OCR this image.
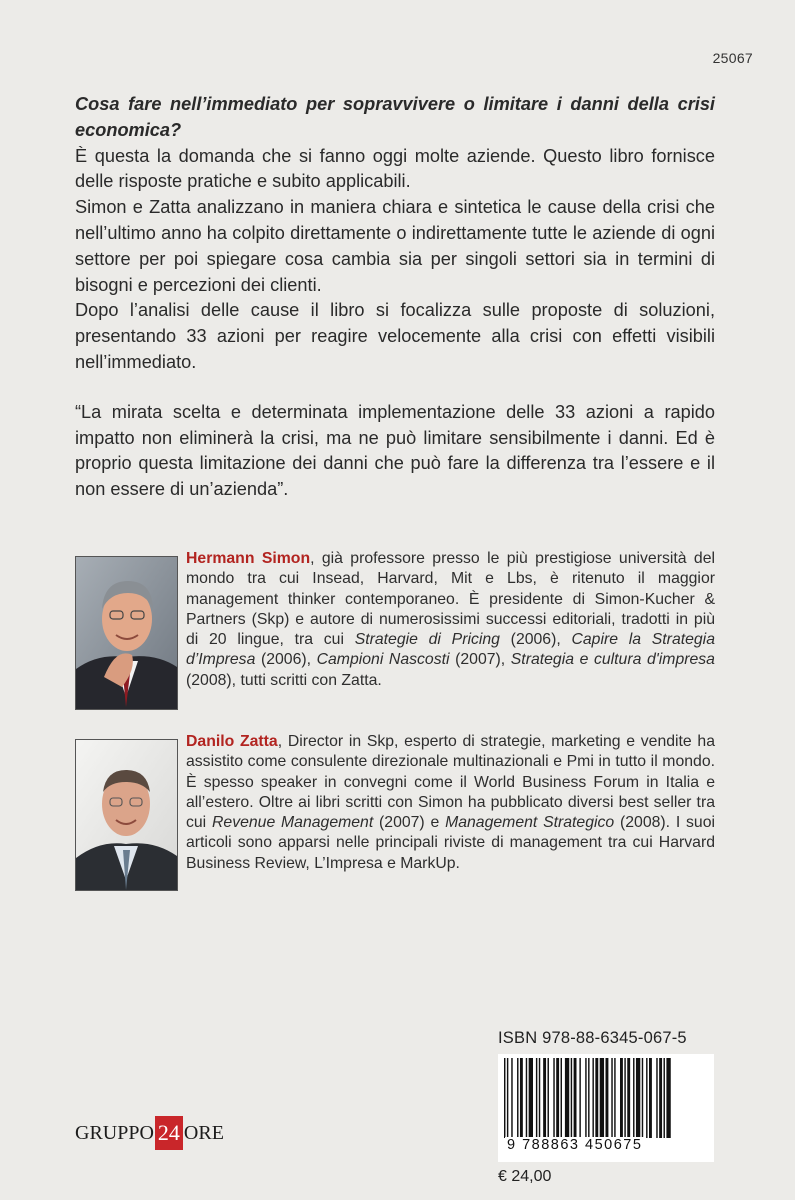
25067

Cosa fare nell’immediato per sopravvivere o limitare i danni della crisi economica?

È questa la domanda che si fanno oggi molte aziende. Questo libro fornisce delle risposte pratiche e subito applicabili.

Simon e Zatta analizzano in maniera chiara e sintetica le cause della crisi che nell’ultimo anno ha colpito direttamente o indirettamente tutte le aziende di ogni settore per poi spiegare cosa cambia sia per singoli settori sia in termini di bisogni e percezioni dei clienti.

Dopo l’analisi delle cause il libro si focalizza sulle proposte di soluzioni, presentando 33 azioni per reagire velocemente alla crisi con effetti visibili nell’immediato.

“La mirata scelta e determinata implementazione delle 33 azioni a rapido impatto non eliminerà la crisi, ma ne può limitare sensibilmente i danni. Ed è proprio questa limitazione dei danni che può fare la differenza tra l’essere e il non essere di un’azienda”.

Hermann Simon, già professore presso le più prestigiose università del mondo tra cui Insead, Harvard, Mit e Lbs, è ritenuto il maggior management thinker contemporaneo. È presidente di Simon-Kucher & Partners (Skp) e autore di numerosissimi successi editoriali, tradotti in più di 20 lingue, tra cui Strategie di Pricing (2006), Capire la Strategia d’Impresa (2006), Campioni Nascosti (2007), Strategia e cultura d'impresa (2008), tutti scritti con Zatta.
Danilo Zatta, Director in Skp, esperto di strategie, marketing e vendite ha assistito come consulente direzionale multinazionali e Pmi in tutto il mondo. È spesso speaker in convegni come il World Business Forum in Italia e all’estero. Oltre ai libri scritti con Simon ha pubblicato diversi best seller tra cui Revenue Management (2007) e Management Strategico (2008). I suoi articoli sono apparsi nelle principali riviste di management tra cui Harvard Business Review, L’Impresa e MarkUp.
GRUPPO 24 ORE
ISBN 978-88-6345-067-5
9 788863 450675
€ 24,00
